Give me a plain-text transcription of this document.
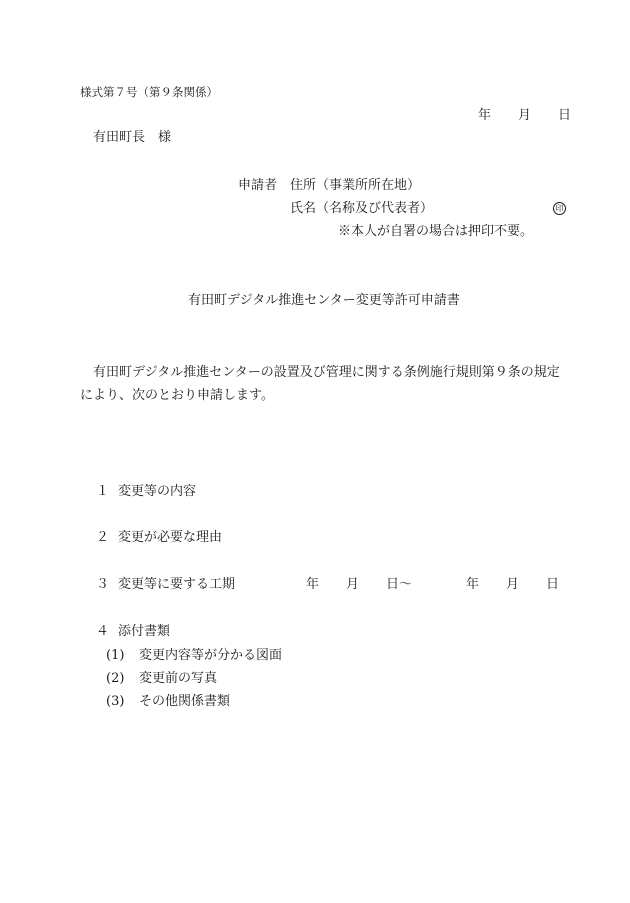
様式第７号（第９条関係）
年 月 日
有田町長　様
申請者 住所（事業所所在地）
氏名（名称及び代表者）	印
※本人が自署の場合は押印不要。
有田町デジタル推進センター変更等許可申請書
有田町デジタル推進センターの設置及び管理に関する条例施行規則第９条の規定
により、次のとおり申請します。
１ 変更等の内容
２ 変更が必要な理由
３ 変更等に要する工期	年 月 日～	年 月 日
４ 添付書類
(1) 変更内容等が分かる図面
(2) 変更前の写真
(3) その他関係書類
